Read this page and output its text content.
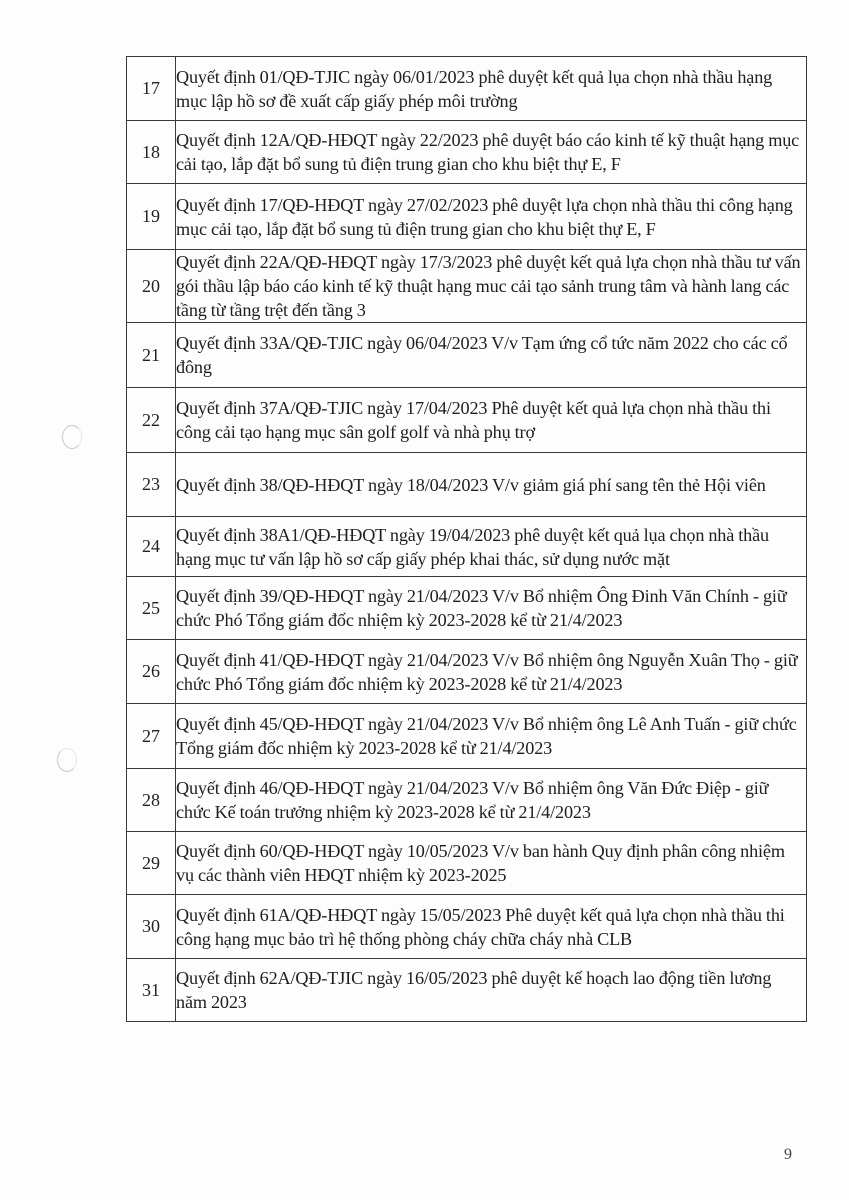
17	Quyết định 01/QĐ-TJIC ngày 06/01/2023 phê duyệt kết quả lụa chọn nhà thầu hạng mục lập hồ sơ đề xuất cấp giấy phép môi trường
18	Quyết định 12A/QĐ-HĐQT ngày 22/2023 phê duyệt báo cáo kinh tế kỹ thuật hạng mục cải tạo, lắp đặt bổ sung tủ điện trung gian cho khu biệt thự E, F
19	Quyết định 17/QĐ-HĐQT ngày 27/02/2023 phê duyệt lựa chọn nhà thầu thi công hạng mục cải tạo, lắp đặt bổ sung tủ điện trung gian cho khu biệt thự E, F
20	Quyết định 22A/QĐ-HĐQT ngày 17/3/2023 phê duyệt kết quả lựa chọn nhà thầu tư vấn gói thầu lập báo cáo kinh tế kỹ thuật hạng muc cải tạo sảnh trung tâm và hành lang các tầng từ tầng trệt đến tầng 3
21	Quyết định 33A/QĐ-TJIC ngày 06/04/2023 V/v Tạm ứng cổ tức năm 2022 cho các cổ đông
22	Quyết định 37A/QĐ-TJIC ngày 17/04/2023 Phê duyệt kết quả lựa chọn nhà thầu thi công cải tạo hạng mục sân golf golf và nhà phụ trợ
23	Quyết định 38/QĐ-HĐQT ngày 18/04/2023 V/v giảm giá phí sang tên thẻ Hội viên
24	Quyết định 38A1/QĐ-HĐQT ngày 19/04/2023 phê duyệt kết quả lụa chọn nhà thầu hạng mục tư vấn lập hồ sơ cấp giấy phép khai thác, sử dụng nước mặt
25	Quyết định 39/QĐ-HĐQT ngày 21/04/2023 V/v Bổ nhiệm Ông Đinh Văn Chính - giữ chức Phó Tổng giám đốc nhiệm kỳ 2023-2028 kể từ 21/4/2023
26	Quyết định 41/QĐ-HĐQT ngày 21/04/2023 V/v Bổ nhiệm ông Nguyễn Xuân Thọ - giữ chức Phó Tổng giám đốc nhiệm kỳ 2023-2028 kể từ 21/4/2023
27	Quyết định 45/QĐ-HĐQT ngày 21/04/2023 V/v Bổ nhiệm ông Lê Anh Tuấn - giữ chức Tổng giám đốc nhiệm kỳ 2023-2028 kể từ 21/4/2023
28	Quyết định 46/QĐ-HĐQT ngày 21/04/2023 V/v Bổ nhiệm ông Văn Đức Điệp - giữ chức Kế toán trưởng nhiệm kỳ 2023-2028 kể từ 21/4/2023
29	Quyết định 60/QĐ-HĐQT ngày 10/05/2023 V/v ban hành Quy định phân công nhiệm vụ các thành viên HĐQT nhiệm kỳ 2023-2025
30	Quyết định 61A/QĐ-HĐQT ngày 15/05/2023 Phê duyệt kết quả lựa chọn nhà thầu thi công hạng mục bảo trì hệ thống phòng cháy chữa cháy nhà CLB
31	Quyết định 62A/QĐ-TJIC ngày 16/05/2023 phê duyệt kế hoạch lao động tiền lương năm 2023
9
